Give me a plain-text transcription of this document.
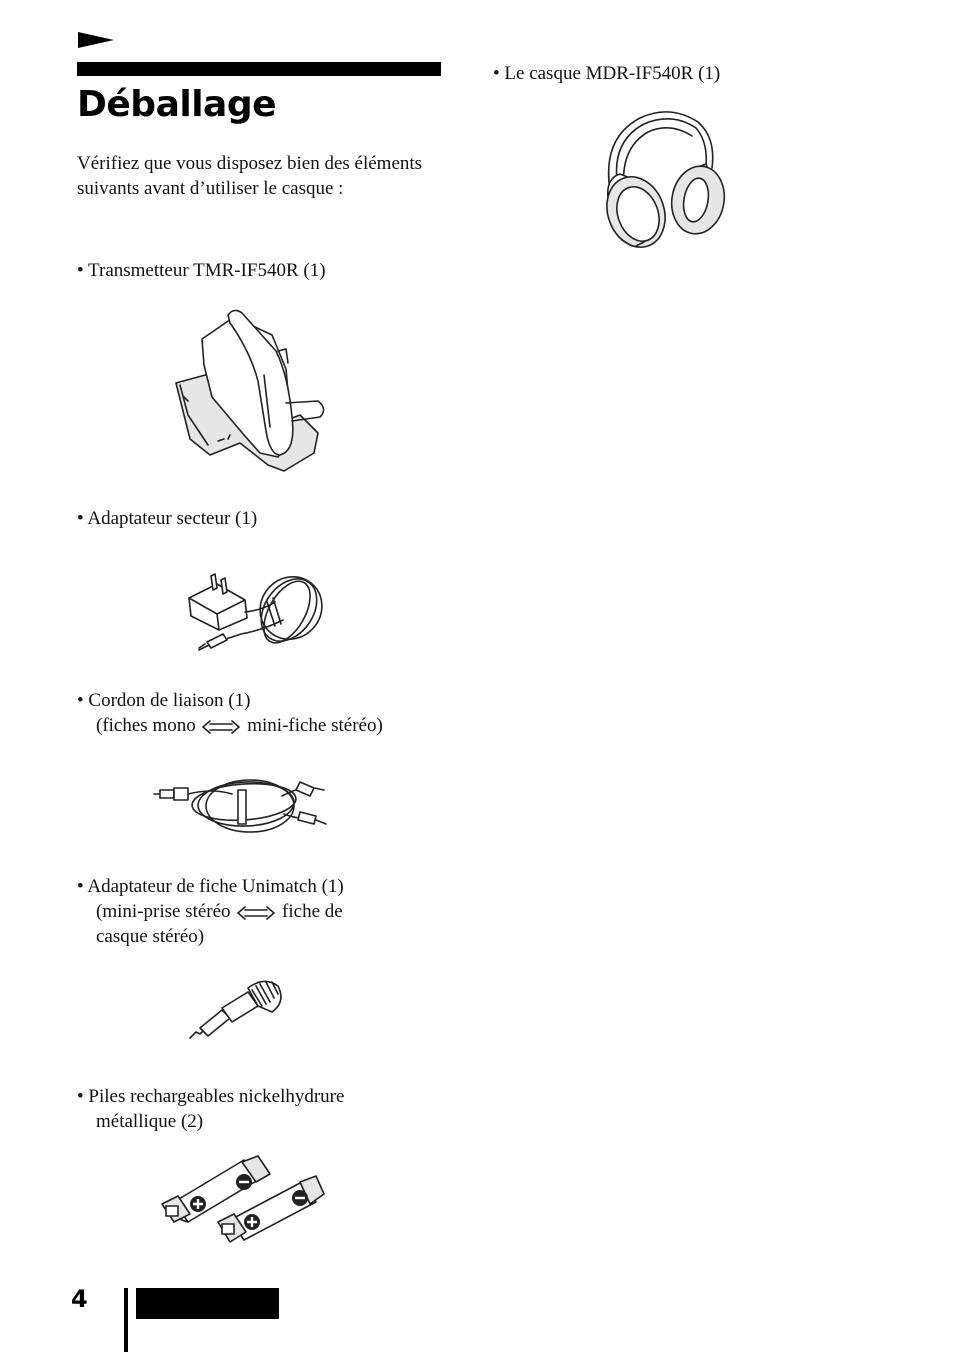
Déballage

Vérifiez que vous disposez bien des éléments suivants avant d’utiliser le casque :

• Transmetteur TMR-IF540R (1)

• Adaptateur secteur (1)

• Cordon de liaison (1)
(fiches mono	mini-fiche stéréo)

• Adaptateur de fiche Unimatch (1)
(mini-prise stéréo	fiche de
casque stéréo)

• Piles rechargeables nickelhydrure
métallique (2)

• Le casque MDR-IF540R (1)

4
